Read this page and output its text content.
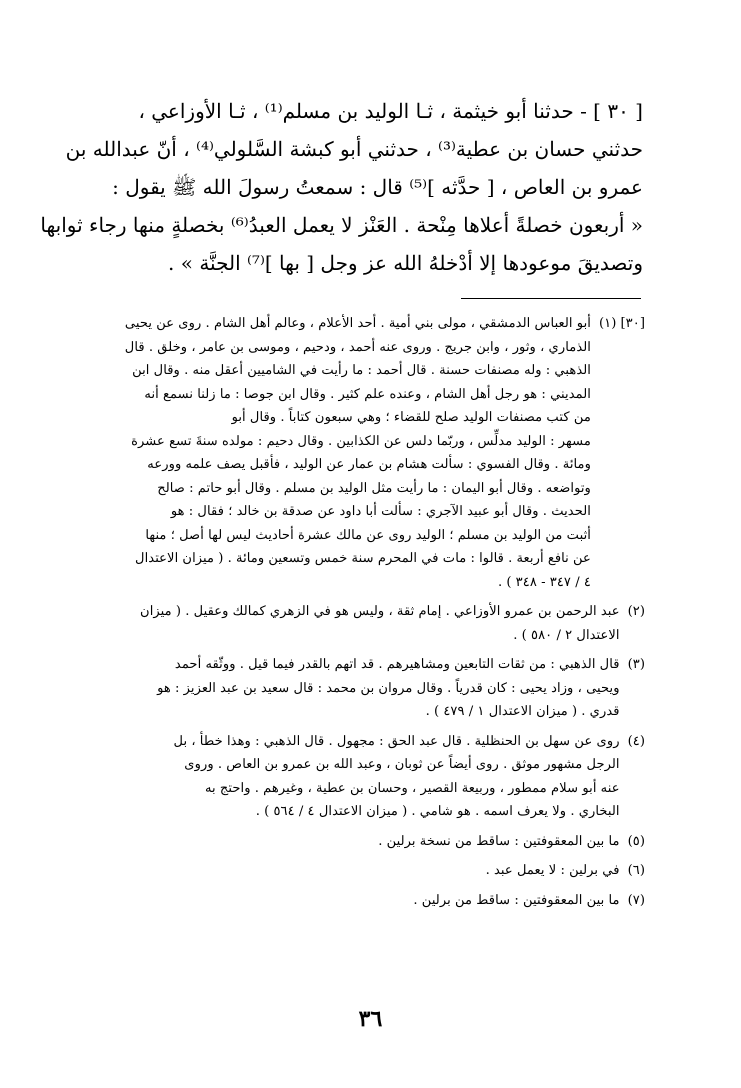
[ ٣٠ ] - حدثنا أبو خيثمة ، ثـا الوليد بن مسلم⁽¹⁾ ، ثـا الأوزاعي ،
حدثني حسان بن عطية⁽³⁾ ، حدثني أبو كبشة السَّلولي⁽⁴⁾ ، أنّ عبدالله بن
عمرو بن العاص ، [ حدَّثه ]⁽⁵⁾ قال : سمعتُ رسولَ الله ﷺ يقول :
« أربعون خصلةً أعلاها مِنْحة . العَنْز لا يعمل العبدُ⁽⁶⁾ بخصلةٍ منها رجاء ثوابها
وتصديقَ موعودها إلا أدْخلهُ الله عز وجل [ بها ]⁽⁷⁾ الجنَّة » .
[٣٠] (١)
أبو العباس الدمشقي ، مولى بني أمية . أحد الأعلام ، وعالم أهل الشام . روى عن يحيى
الذماري ، وثور ، وابن جريج . وروى عنه أحمد ، ودحيم ، وموسى بن عامر ، وخلق . قال
الذهبي : وله مصنفات حسنة . قال أحمد : ما رأيت في الشاميين أعقل منه . وقال ابن
المديني : هو رجل أهل الشام ، وعنده علم كثير . وقال ابن جوصا : ما زلنا نسمع أنه
من كتب مصنفات الوليد صلح للقضاء ؛ وهي سبعون كتاباً . وقال أبو
مسهر : الوليد مدلِّس ، وربّما دلس عن الكذابين . وقال دحيم : مولده سنةَ تسع عشرة
ومائة . وقال الفسوي : سألت هشام بن عمار عن الوليد ، فأقبل يصف علمه وورعه
وتواضعه . وقال أبو اليمان : ما رأيت مثل الوليد بن مسلم . وقال أبو حاتم : صالح
الحديث . وقال أبو عبيد الآجري : سألت أبا داود عن صدقة بن خالد ؛ فقال : هو
أثبت من الوليد بن مسلم ؛ الوليد روى عن مالك عشرة أحاديث ليس لها أصل ؛ منها
عن نافع أربعة . قالوا : مات في المحرم سنة خمس وتسعين ومائة . ( ميزان الاعتدال
٤ / ٣٤٧ - ٣٤٨ ) .
(٢)
عبد الرحمن بن عمرو الأوزاعي . إمام ثقة ، وليس هو في الزهري كمالك وعقيل . ( ميزان
الاعتدال ٢ / ٥٨٠ ) .
(٣)
قال الذهبي : من ثقات التابعين ومشاهيرهم . قد اتهم بالقدر فيما قيل . ووثّقه أحمد
ويحيى ، وزاد يحيى : كان قدرياً . وقال مروان بن محمد : قال سعيد بن عبد العزيز : هو
قدري . ( ميزان الاعتدال ١ / ٤٧٩ ) .
(٤)
روى عن سهل بن الحنظلية . قال عبد الحق : مجهول . قال الذهبي : وهذا خطأ ، بل
الرجل مشهور موثق . روى أيضاً عن ثوبان ، وعبد الله بن عمرو بن العاص . وروى
عنه أبو سلام ممطور ، وربيعة القصير ، وحسان بن عطية ، وغيرهم . واحتج به
البخاري . ولا يعرف اسمه . هو شامي . ( ميزان الاعتدال ٤ / ٥٦٤ ) .
(٥)
ما بين المعقوفتين : ساقط من نسخة برلين .
(٦)
في برلين : لا يعمل عبد .
(٧)
ما بين المعقوفتين : ساقط من برلين .
٣٦
